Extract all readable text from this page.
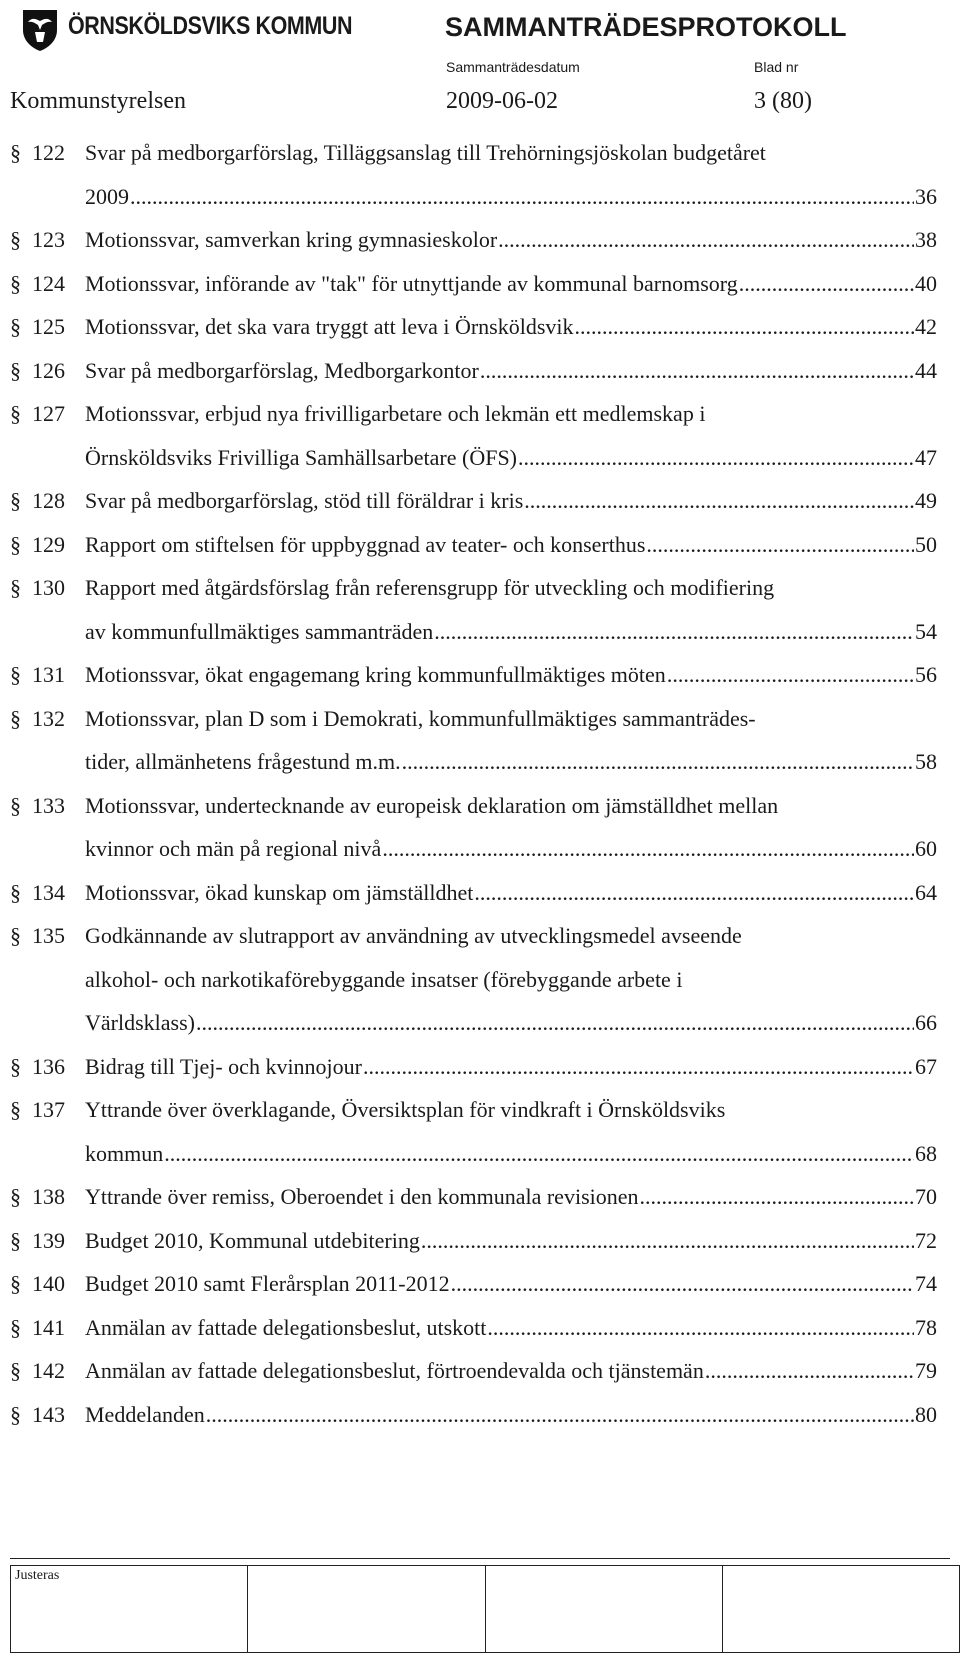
ÖRNSKÖLDSVIKS KOMMUN	SAMMANTRÄDESPROTOKOLL
Sammanträdesdatum	Blad nr
Kommunstyrelsen	2009-06-02	3 (80)
§ 122 Svar på medborgarförslag, Tilläggsanslag till Trehörningsjöskolan budgetåret
2009 .....	36
§ 123 Motionssvar, samverkan kring gymnasieskolor .....	38
§ 124 Motionssvar, införande av "tak" för utnyttjande av kommunal barnomsorg .....	40
§ 125 Motionssvar, det ska vara tryggt att leva i Örnsköldsvik .....	42
§ 126 Svar på medborgarförslag, Medborgarkontor .....	44
§ 127 Motionssvar, erbjud nya frivilligarbetare och lekmän ett medlemskap i
Örnsköldsviks Frivilliga Samhällsarbetare (ÖFS) .....	47
§ 128 Svar på medborgarförslag, stöd till föräldrar i kris .....	49
§ 129 Rapport om stiftelsen för uppbyggnad av teater- och konserthus .....	50
§ 130 Rapport med åtgärdsförslag från referensgrupp för utveckling och modifiering
av kommunfullmäktiges sammanträden .....	54
§ 131 Motionssvar, ökat engagemang kring kommunfullmäktiges möten .....	56
§ 132 Motionssvar, plan D som i Demokrati, kommunfullmäktiges sammanträdes-
tider, allmänhetens frågestund m.m. .....	58
§ 133 Motionssvar, undertecknande av europeisk deklaration om jämställdhet mellan
kvinnor och män på regional nivå .....	60
§ 134 Motionssvar, ökad kunskap om jämställdhet .....	64
§ 135 Godkännande av slutrapport av användning av utvecklingsmedel avseende
alkohol- och narkotikaförebyggande insatser (förebyggande arbete i
Världsklass) .....	66
§ 136 Bidrag till Tjej- och kvinnojour .....	67
§ 137 Yttrande över överklagande, Översiktsplan för vindkraft i Örnsköldsviks
kommun .....	68
§ 138 Yttrande över remiss, Oberoendet i den kommunala revisionen .....	70
§ 139 Budget 2010, Kommunal utdebitering .....	72
§ 140 Budget 2010 samt Flerårsplan 2011-2012 .....	74
§ 141 Anmälan av fattade delegationsbeslut, utskott .....	78
§ 142 Anmälan av fattade delegationsbeslut, förtroendevalda och tjänstemän .....	79
§ 143 Meddelanden .....	80
Justeras			
